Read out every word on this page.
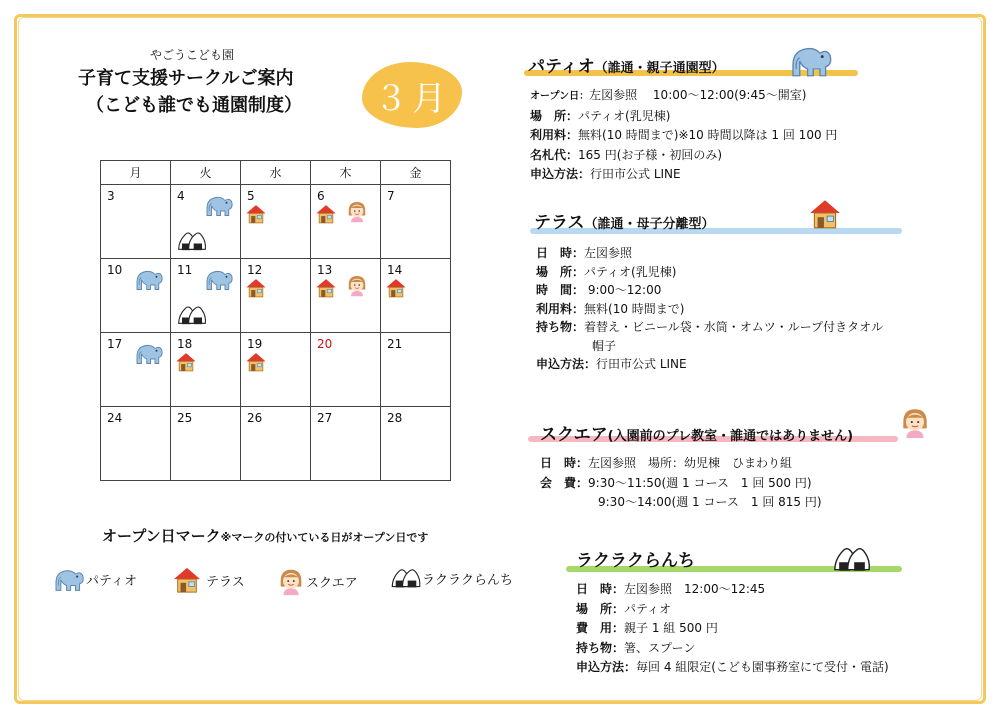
やごうこども園
子育て支援サークルご案内
（こども誰でも通園制度）	３月
月	火	水	木	金

3	4	5	6	7

10	11	12	13	14

17	18	19	20	21

24	25	26	27	28
オープン日マーク※マークの付いている日がオープン日です
パティオ	テラス	スクエア	ラクラクらんち
パティオ（誰通・親子通園型）
オープン日：左図参照　 10:00～12:00(9:45～開室)
場　所：パティオ(乳児棟)
利用料：無料(10 時間まで)※10 時間以降は 1 回 100 円
名札代：165 円(お子様・初回のみ)
申込方法：行田市公式 LINE
テラス（誰通・母子分離型）
日　時：左図参照
場　所：パティオ(乳児棟)
時　間： 9:00～12:00
利用料：無料(10 時間まで)
持ち物：着替え・ビニール袋・水筒・オムツ・ループ付きタオル
帽子
申込方法：行田市公式 LINE
スクエア(入園前のプレ教室・誰通ではありません)
日　時：左図参照　場所：幼児棟　ひまわり組
会　費：9:30～11:50(週 1 コース　1 回 500 円)
9:30～14:00(週 1 コース　1 回 815 円)
ラクラクらんち
日　時：左図参照　12:00～12:45
場　所：パティオ
費　用：親子 1 組 500 円
持ち物：箸、スプーン
申込方法：毎回 4 組限定(こども園事務室にて受付・電話)
